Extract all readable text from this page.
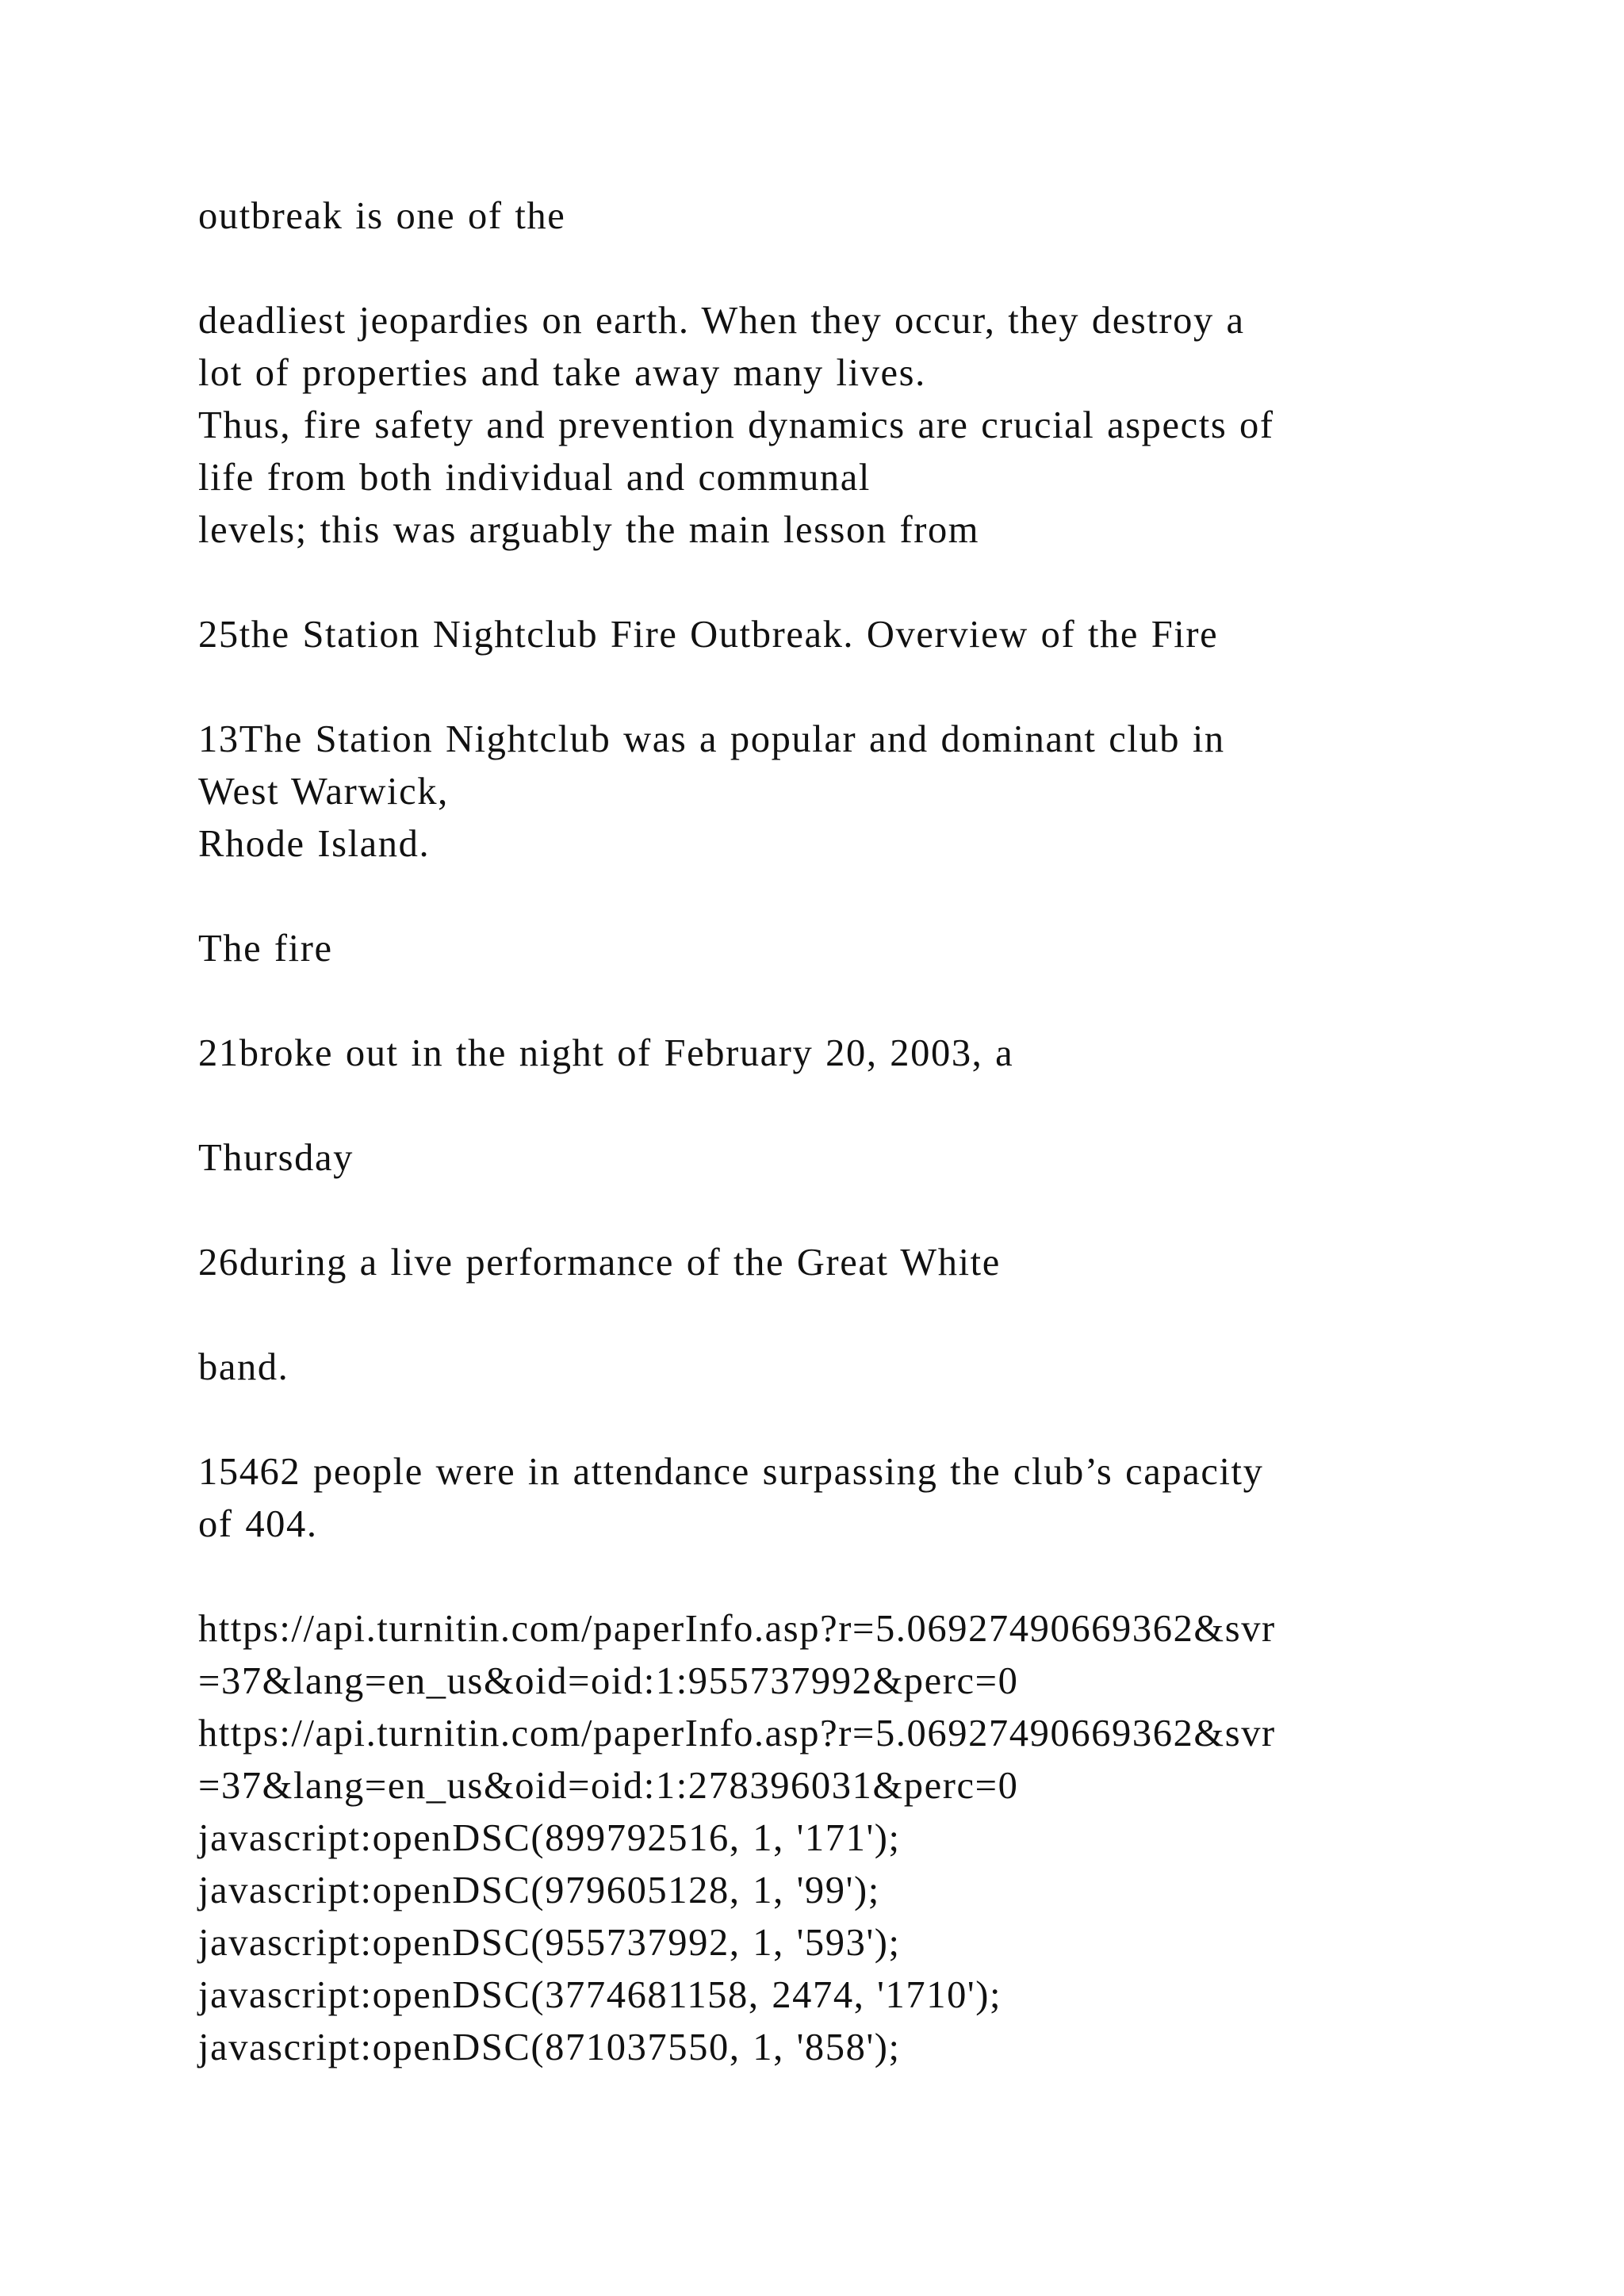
outbreak is one of the
deadliest jeopardies on earth. When they occur, they destroy a
lot of properties and take away many lives.
Thus, fire safety and prevention dynamics are crucial aspects of
life from both individual and communal
levels; this was arguably the main lesson from
25the Station Nightclub Fire Outbreak. Overview of the Fire
13The Station Nightclub was a popular and dominant club in
West Warwick,
Rhode Island.
The fire
21broke out in the night of February 20, 2003, a
Thursday
26during a live performance of the Great White
band.
15462 people were in attendance surpassing the club’s capacity
of 404.
https://api.turnitin.com/paperInfo.asp?r=5.06927490669362&svr
=37&lang=en_us&oid=oid:1:955737992&perc=0
https://api.turnitin.com/paperInfo.asp?r=5.06927490669362&svr
=37&lang=en_us&oid=oid:1:278396031&perc=0
javascript:openDSC(899792516, 1, '171');
javascript:openDSC(979605128, 1, '99');
javascript:openDSC(955737992, 1, '593');
javascript:openDSC(3774681158, 2474, '1710');
javascript:openDSC(871037550, 1, '858');
